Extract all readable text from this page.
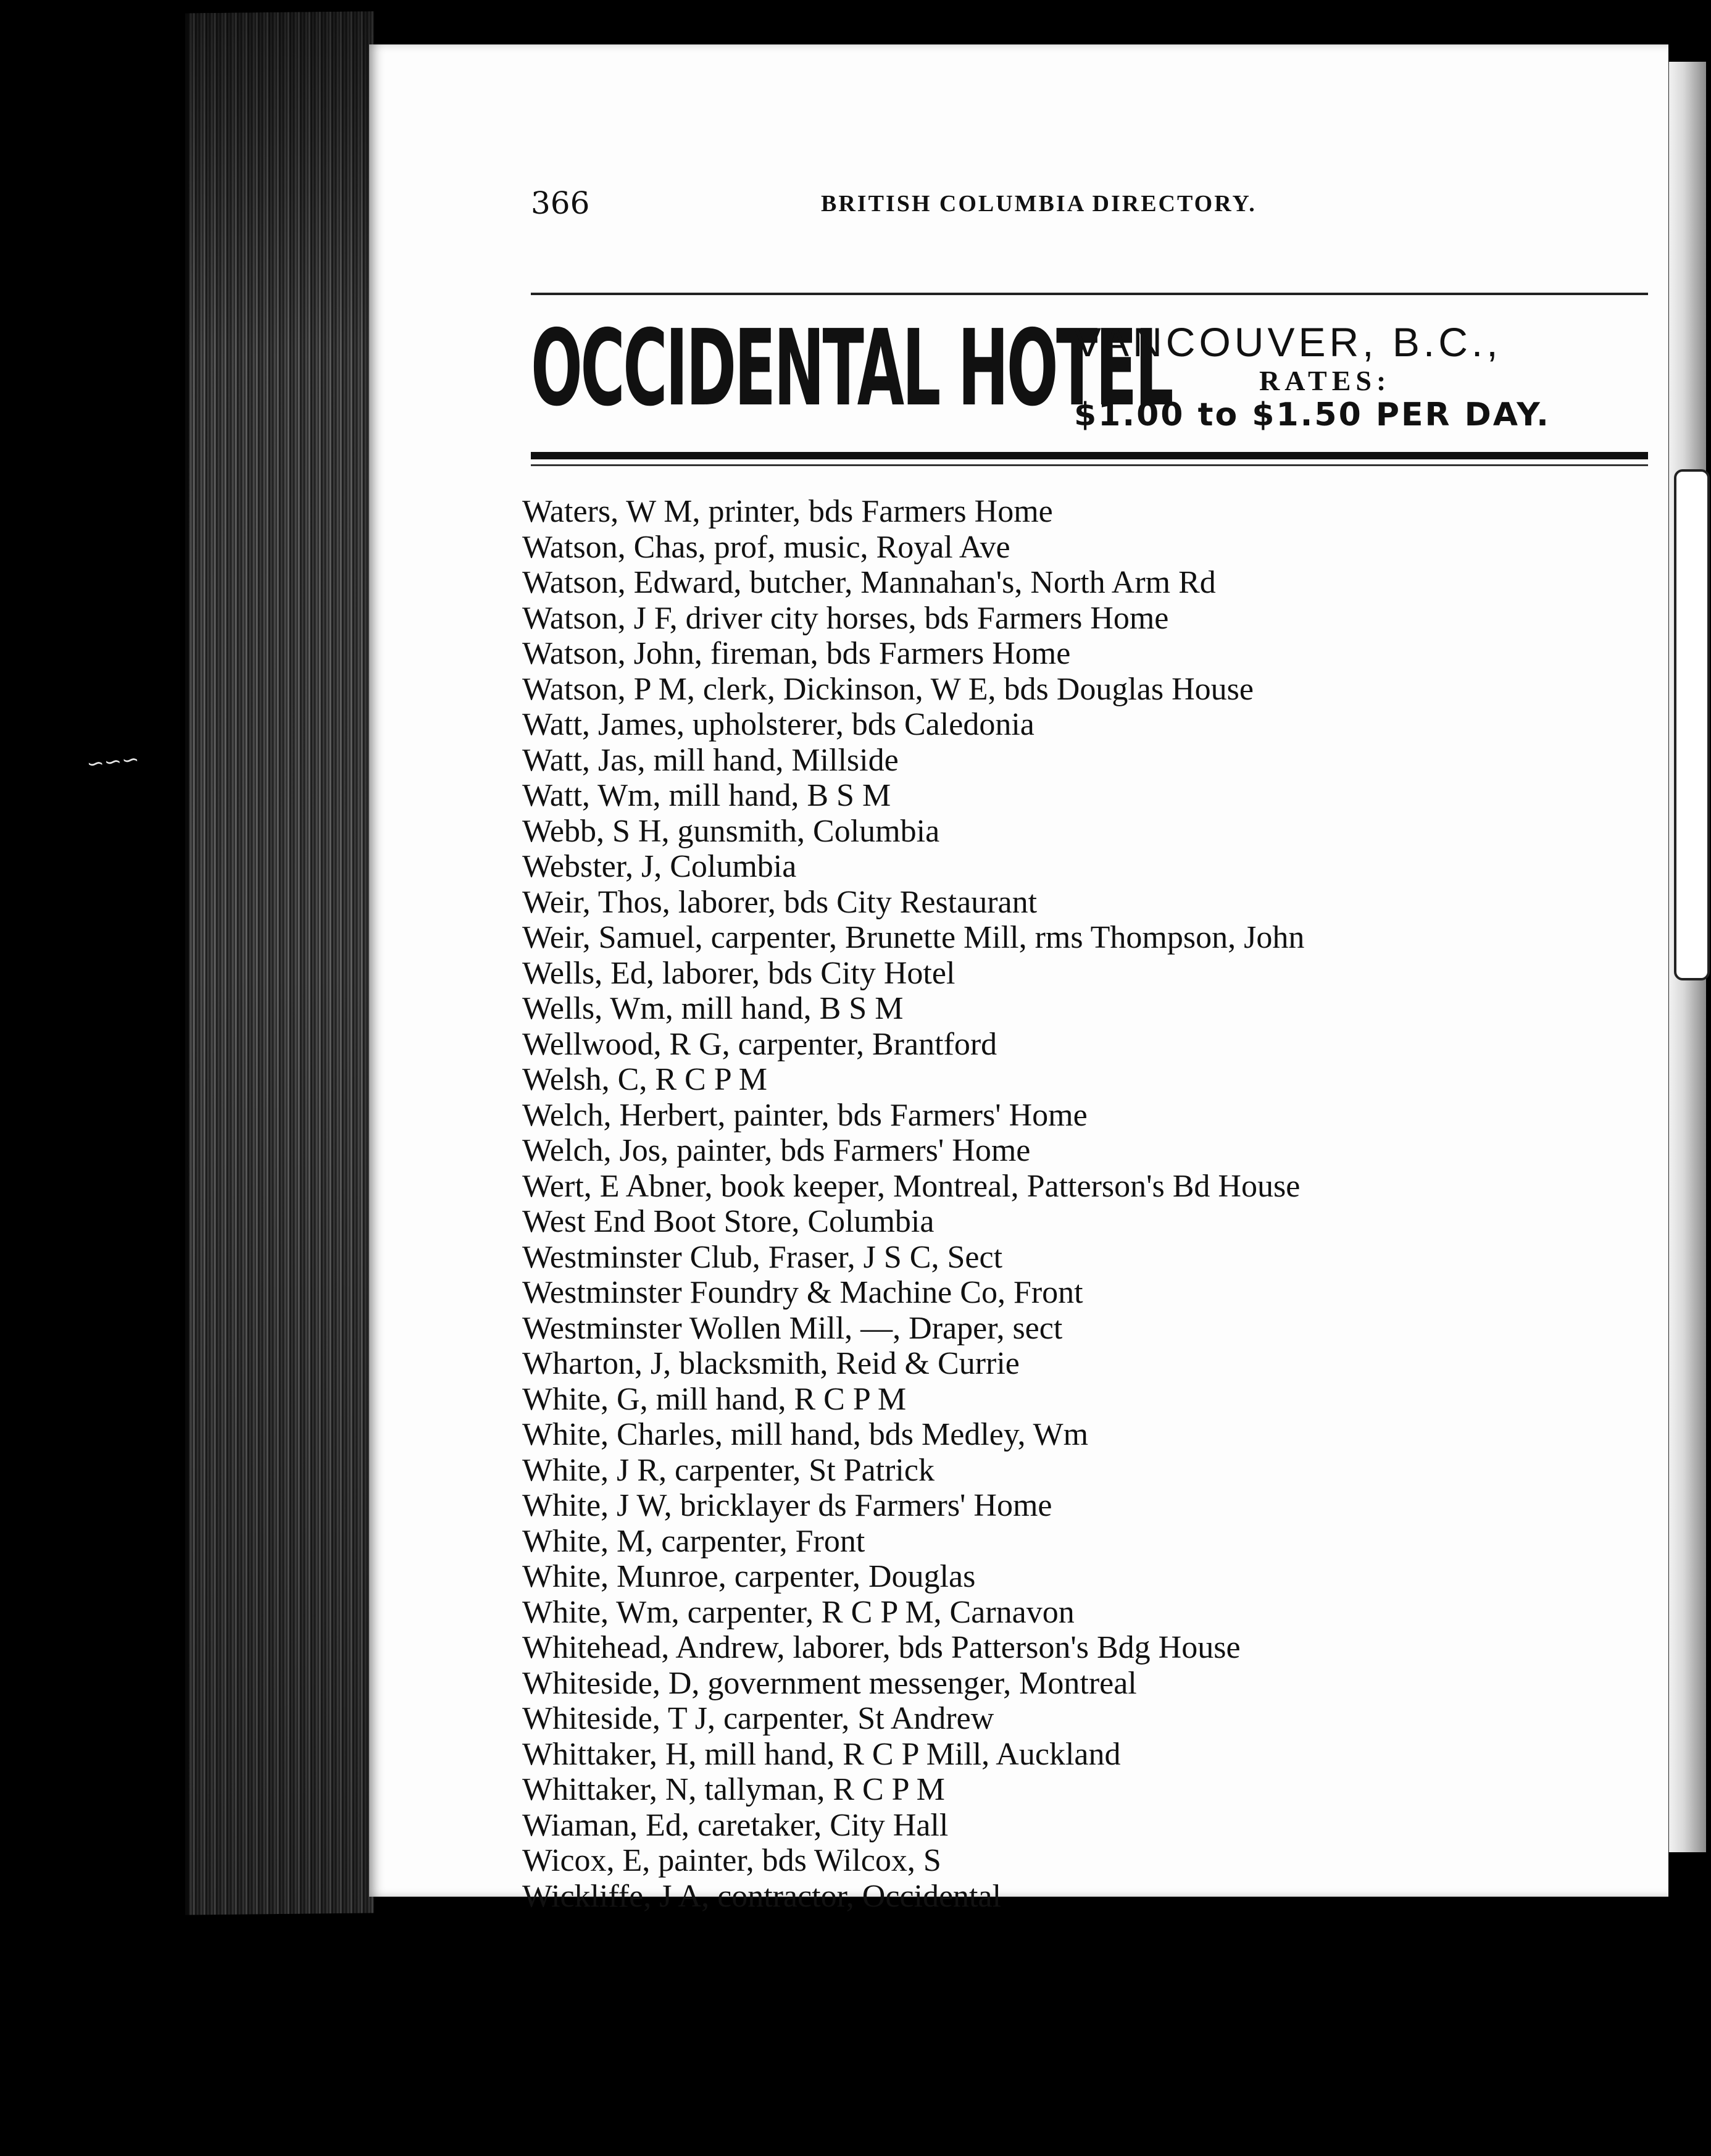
∽∽∽
366	BRITISH COLUMBIA DIRECTORY.
OCCIDENTAL HOTEL
VANCOUVER, B.C.,
RATES:
$1.00 to $1.50 PER DAY.
Waters, W M, printer, bds Farmers Home
Watson, Chas, prof, music, Royal Ave
Watson, Edward, butcher, Mannahan's, North Arm Rd
Watson, J F, driver city horses, bds Farmers Home
Watson, John, fireman, bds Farmers Home
Watson, P M, clerk, Dickinson, W E, bds Douglas House
Watt, James, upholsterer, bds Caledonia
Watt, Jas, mill hand, Millside
Watt, Wm, mill hand, B S M
Webb, S H, gunsmith, Columbia
Webster, J, Columbia
Weir, Thos, laborer, bds City Restaurant
Weir, Samuel, carpenter, Brunette Mill, rms Thompson, John
Wells, Ed, laborer, bds City Hotel
Wells, Wm, mill hand, B S M
Wellwood, R G, carpenter, Brantford
Welsh, C, R C P M
Welch, Herbert, painter, bds Farmers' Home
Welch, Jos, painter, bds Farmers' Home
Wert, E Abner, book keeper, Montreal, Patterson's Bd House
West End Boot Store, Columbia
Westminster Club, Fraser, J S C, Sect
Westminster Foundry & Machine Co, Front
Westminster Wollen Mill, —, Draper, sect
Wharton, J, blacksmith, Reid & Currie
White, G, mill hand, R C P M
White, Charles, mill hand, bds Medley, Wm
White, J R, carpenter, St Patrick
White, J W, bricklayer ds Farmers' Home
White, M, carpenter, Front
White, Munroe, carpenter, Douglas
White, Wm, carpenter, R C P M, Carnavon
Whitehead, Andrew, laborer, bds Patterson's Bdg House
Whiteside, D, government messenger, Montreal
Whiteside, T J, carpenter, St Andrew
Whittaker, H, mill hand, R C P Mill, Auckland
Whittaker, N, tallyman, R C P M
Wiaman, Ed, caretaker, City Hall
Wicox, E, painter, bds Wilcox, S
Wickliffe, J A, contractor, Occidental
